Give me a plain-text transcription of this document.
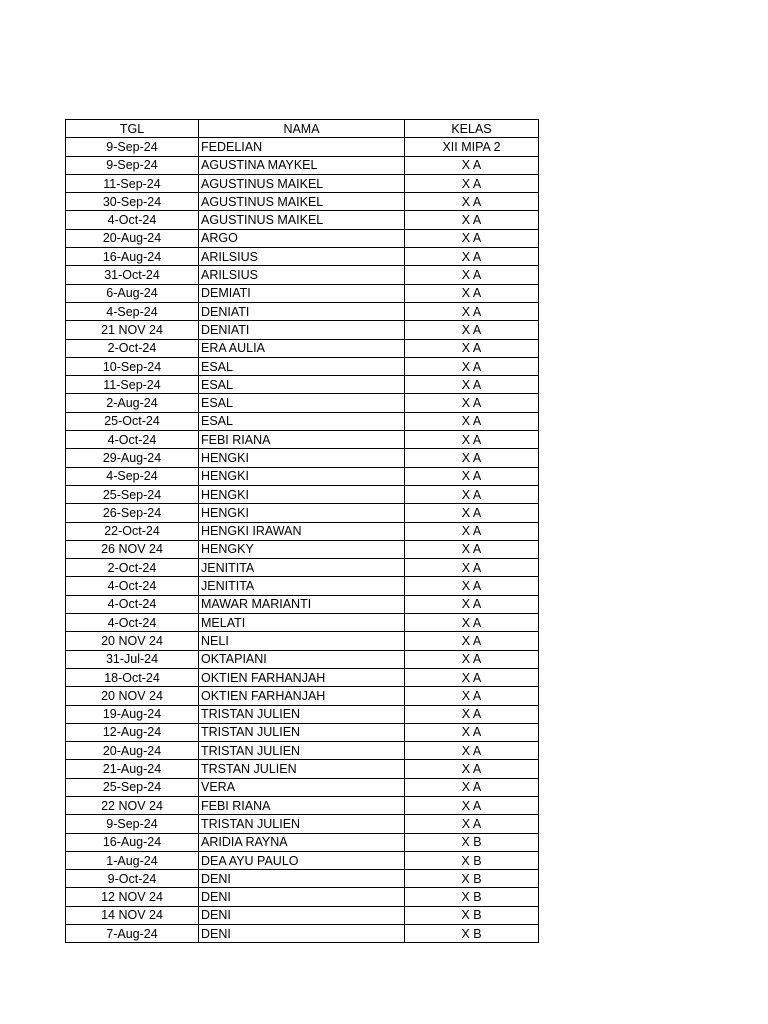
TGL	NAMA	KELAS
9-Sep-24	FEDELIAN	XII MIPA 2
9-Sep-24	AGUSTINA MAYKEL	X A
11-Sep-24	AGUSTINUS MAIKEL	X A
30-Sep-24	AGUSTINUS MAIKEL	X A
4-Oct-24	AGUSTINUS MAIKEL	X A
20-Aug-24	ARGO	X A
16-Aug-24	ARILSIUS	X A
31-Oct-24	ARILSIUS	X A
6-Aug-24	DEMIATI	X A
4-Sep-24	DENIATI	X A
21 NOV 24	DENIATI	X A
2-Oct-24	ERA AULIA	X A
10-Sep-24	ESAL	X A
11-Sep-24	ESAL	X A
2-Aug-24	ESAL	X A
25-Oct-24	ESAL	X A
4-Oct-24	FEBI RIANA	X A
29-Aug-24	HENGKI	X A
4-Sep-24	HENGKI	X A
25-Sep-24	HENGKI	X A
26-Sep-24	HENGKI	X A
22-Oct-24	HENGKI IRAWAN	X A
26 NOV 24	HENGKY	X A
2-Oct-24	JENITITA	X A
4-Oct-24	JENITITA	X A
4-Oct-24	MAWAR MARIANTI	X A
4-Oct-24	MELATI	X A
20 NOV 24	NELI	X A
31-Jul-24	OKTAPIANI	X A
18-Oct-24	OKTIEN FARHANJAH	X A
20 NOV 24	OKTIEN FARHANJAH	X A
19-Aug-24	TRISTAN JULIEN	X A
12-Aug-24	TRISTAN JULIEN	X A
20-Aug-24	TRISTAN JULIEN	X A
21-Aug-24	TRSTAN JULIEN	X A
25-Sep-24	VERA	X A
22 NOV 24	FEBI RIANA	X A
9-Sep-24	TRISTAN JULIEN	X A
16-Aug-24	ARIDIA RAYNA	X B
1-Aug-24	DEA AYU PAULO	X B
9-Oct-24	DENI	X B
12 NOV 24	DENI	X B
14 NOV 24	DENI	X B
7-Aug-24	DENI	X B
